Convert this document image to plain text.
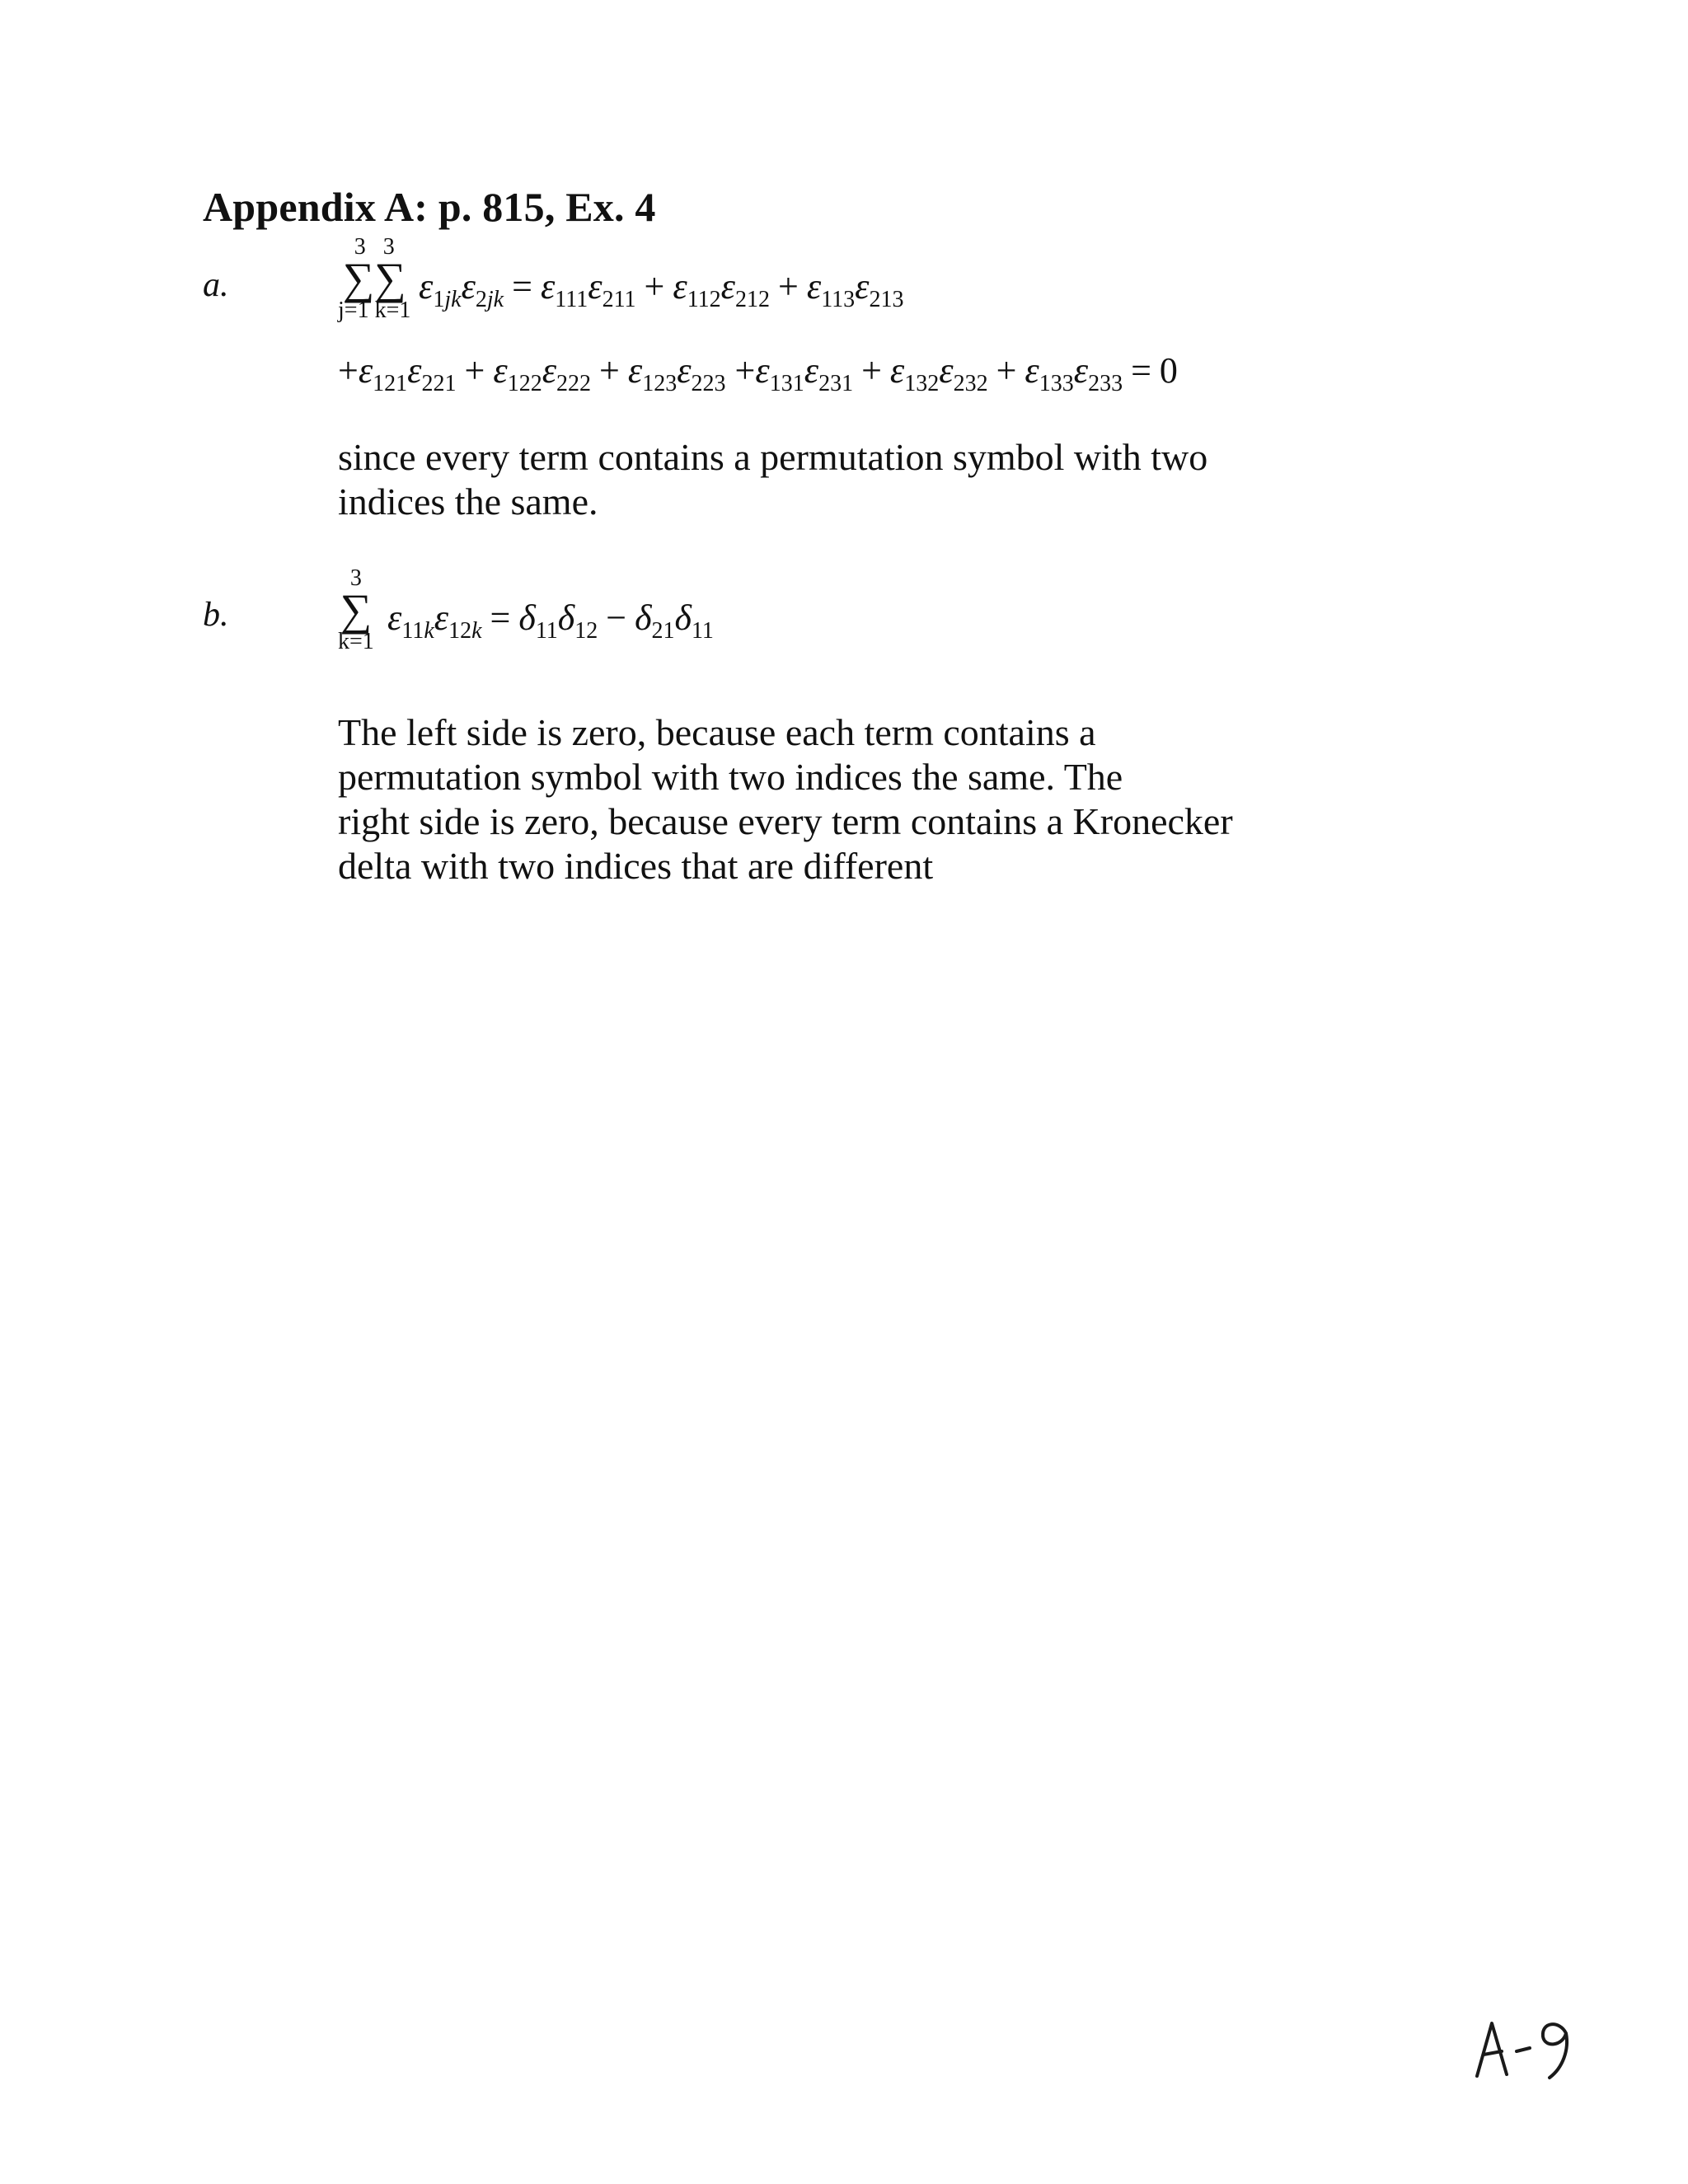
Appendix A: p. 815, Ex. 4
a.
3 3
∑∑
j=1 k=1
$\varepsilon_{1jk}\varepsilon_{2jk} = \varepsilon_{111}\varepsilon_{211} + \varepsilon_{112}\varepsilon_{212} + \varepsilon_{113}\varepsilon_{213}$
$+\varepsilon_{121}\varepsilon_{221} + \varepsilon_{122}\varepsilon_{222} + \varepsilon_{123}\varepsilon_{223} +\varepsilon_{131}\varepsilon_{231} + \varepsilon_{132}\varepsilon_{232} + \varepsilon_{133}\varepsilon_{233} = 0$
since every term contains a permutation symbol with two
indices the same.
b.
3
∑
k=1
$\varepsilon_{11k}\varepsilon_{12k} = \delta_{11}\delta_{12} - \delta_{21}\delta_{11}$
The left side is zero, because each term contains a
permutation symbol with two indices the same. The
right side is zero, because every term contains a Kronecker
delta with two indices that are different
